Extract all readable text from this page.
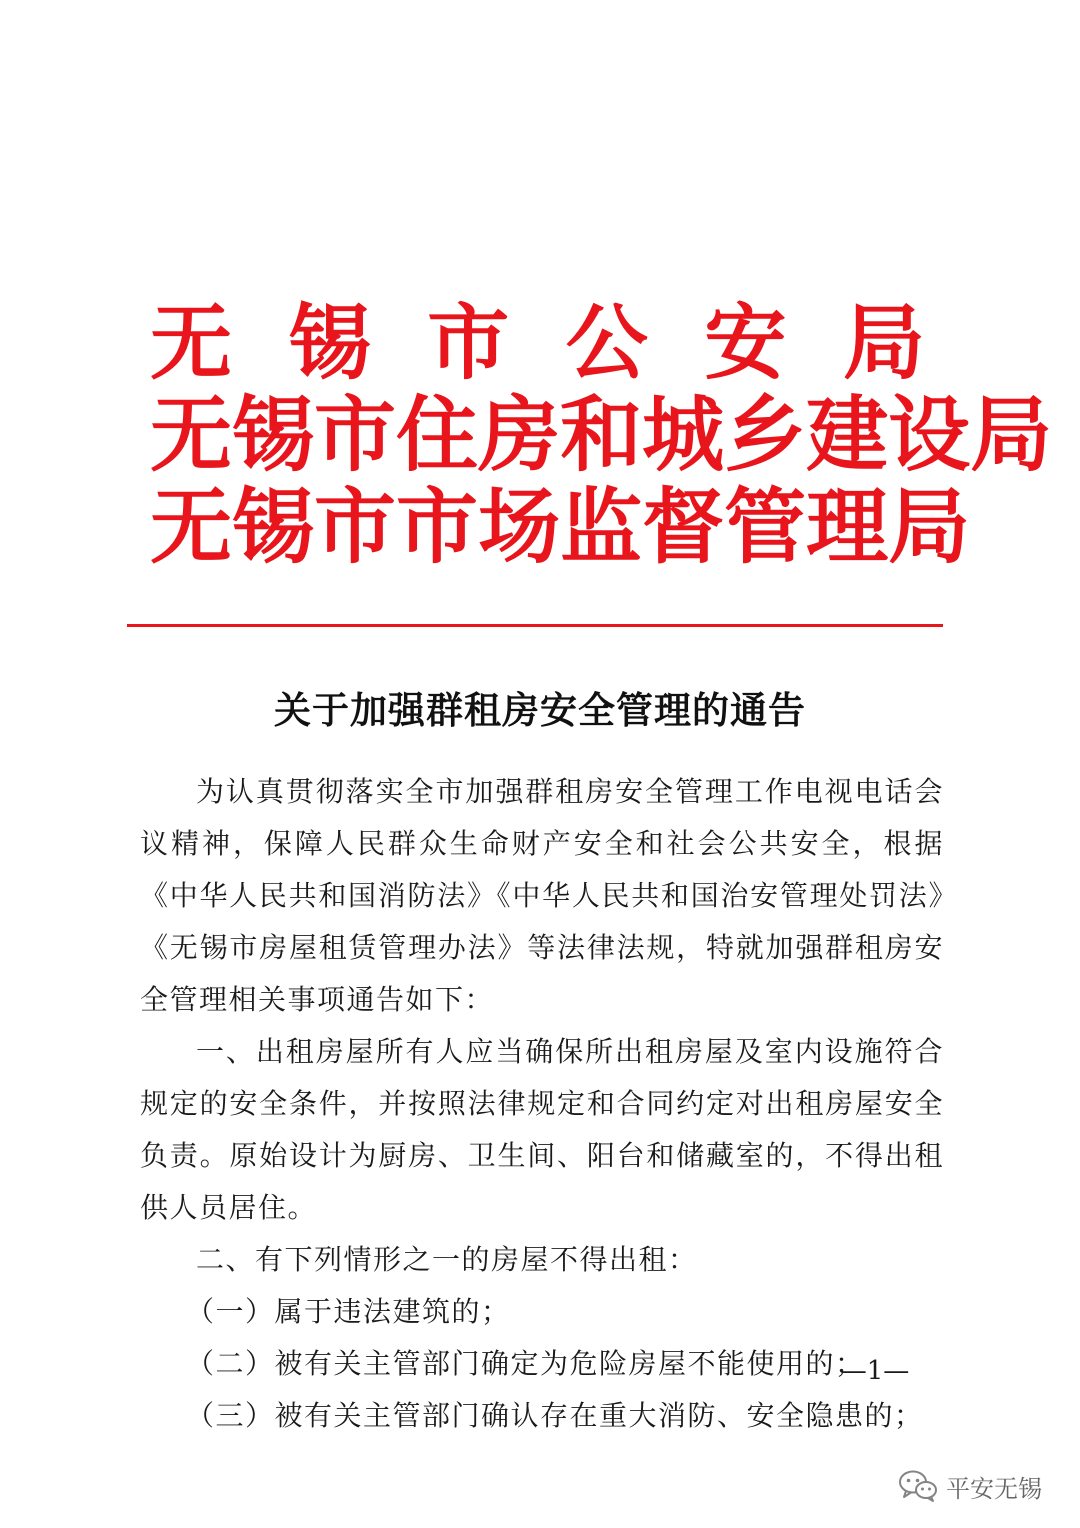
无 锡 市 公 安 局
无 锡 市 住 房 和 城 乡 建 设 局
无 锡 市 市 场 监 督 管 理 局
关于加强群租房安全管理的通告

为认真贯彻落实全市加强群租房安全管理工作电视电话会议精神，保障人民群众生命财产安全和社会公共安全，根据《中华人民共和国消防法》《中华人民共和国治安管理处罚法》《无锡市房屋租赁管理办法》等法律法规，特就加强群租房安全管理相关事项通告如下：

一、出租房屋所有人应当确保所出租房屋及室内设施符合规定的安全条件，并按照法律规定和合同约定对出租房屋安全负责。原始设计为厨房、卫生间、阳台和储藏室的，不得出租供人员居住。

二、有下列情形之一的房屋不得出租：

（一）属于违法建筑的；

（二）被有关主管部门确定为危险房屋不能使用的；

（三）被有关主管部门确认存在重大消防、安全隐患的；

—1—
平安无锡
